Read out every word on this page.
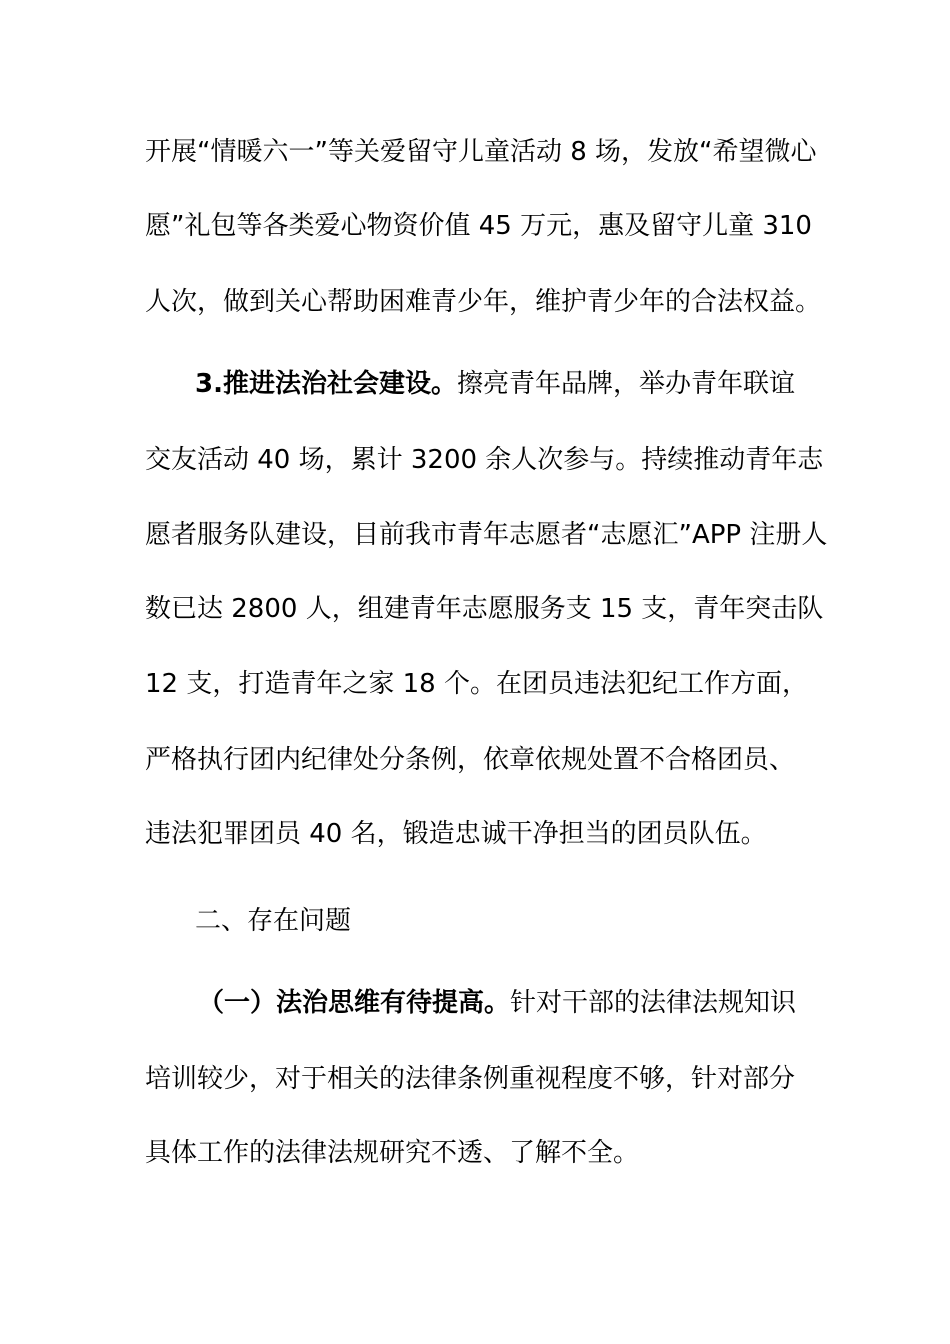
开展“情暖六一”等关爱留守儿童活动 8 场，发放“希望微心

愿”礼包等各类爱心物资价值 45 万元，惠及留守儿童 310

人次，做到关心帮助困难青少年，维护青少年的合法权益。

3.推进法治社会建设。擦亮青年品牌，举办青年联谊

交友活动 40 场，累计 3200 余人次参与。持续推动青年志

愿者服务队建设，目前我市青年志愿者“志愿汇”APP 注册人

数已达 2800 人，组建青年志愿服务支 15 支，青年突击队

12 支，打造青年之家 18 个。在团员违法犯纪工作方面，

严格执行团内纪律处分条例，依章依规处置不合格团员、

违法犯罪团员 40 名，锻造忠诚干净担当的团员队伍。

二、存在问题

（一）法治思维有待提高。针对干部的法律法规知识

培训较少，对于相关的法律条例重视程度不够，针对部分

具体工作的法律法规研究不透、了解不全。
